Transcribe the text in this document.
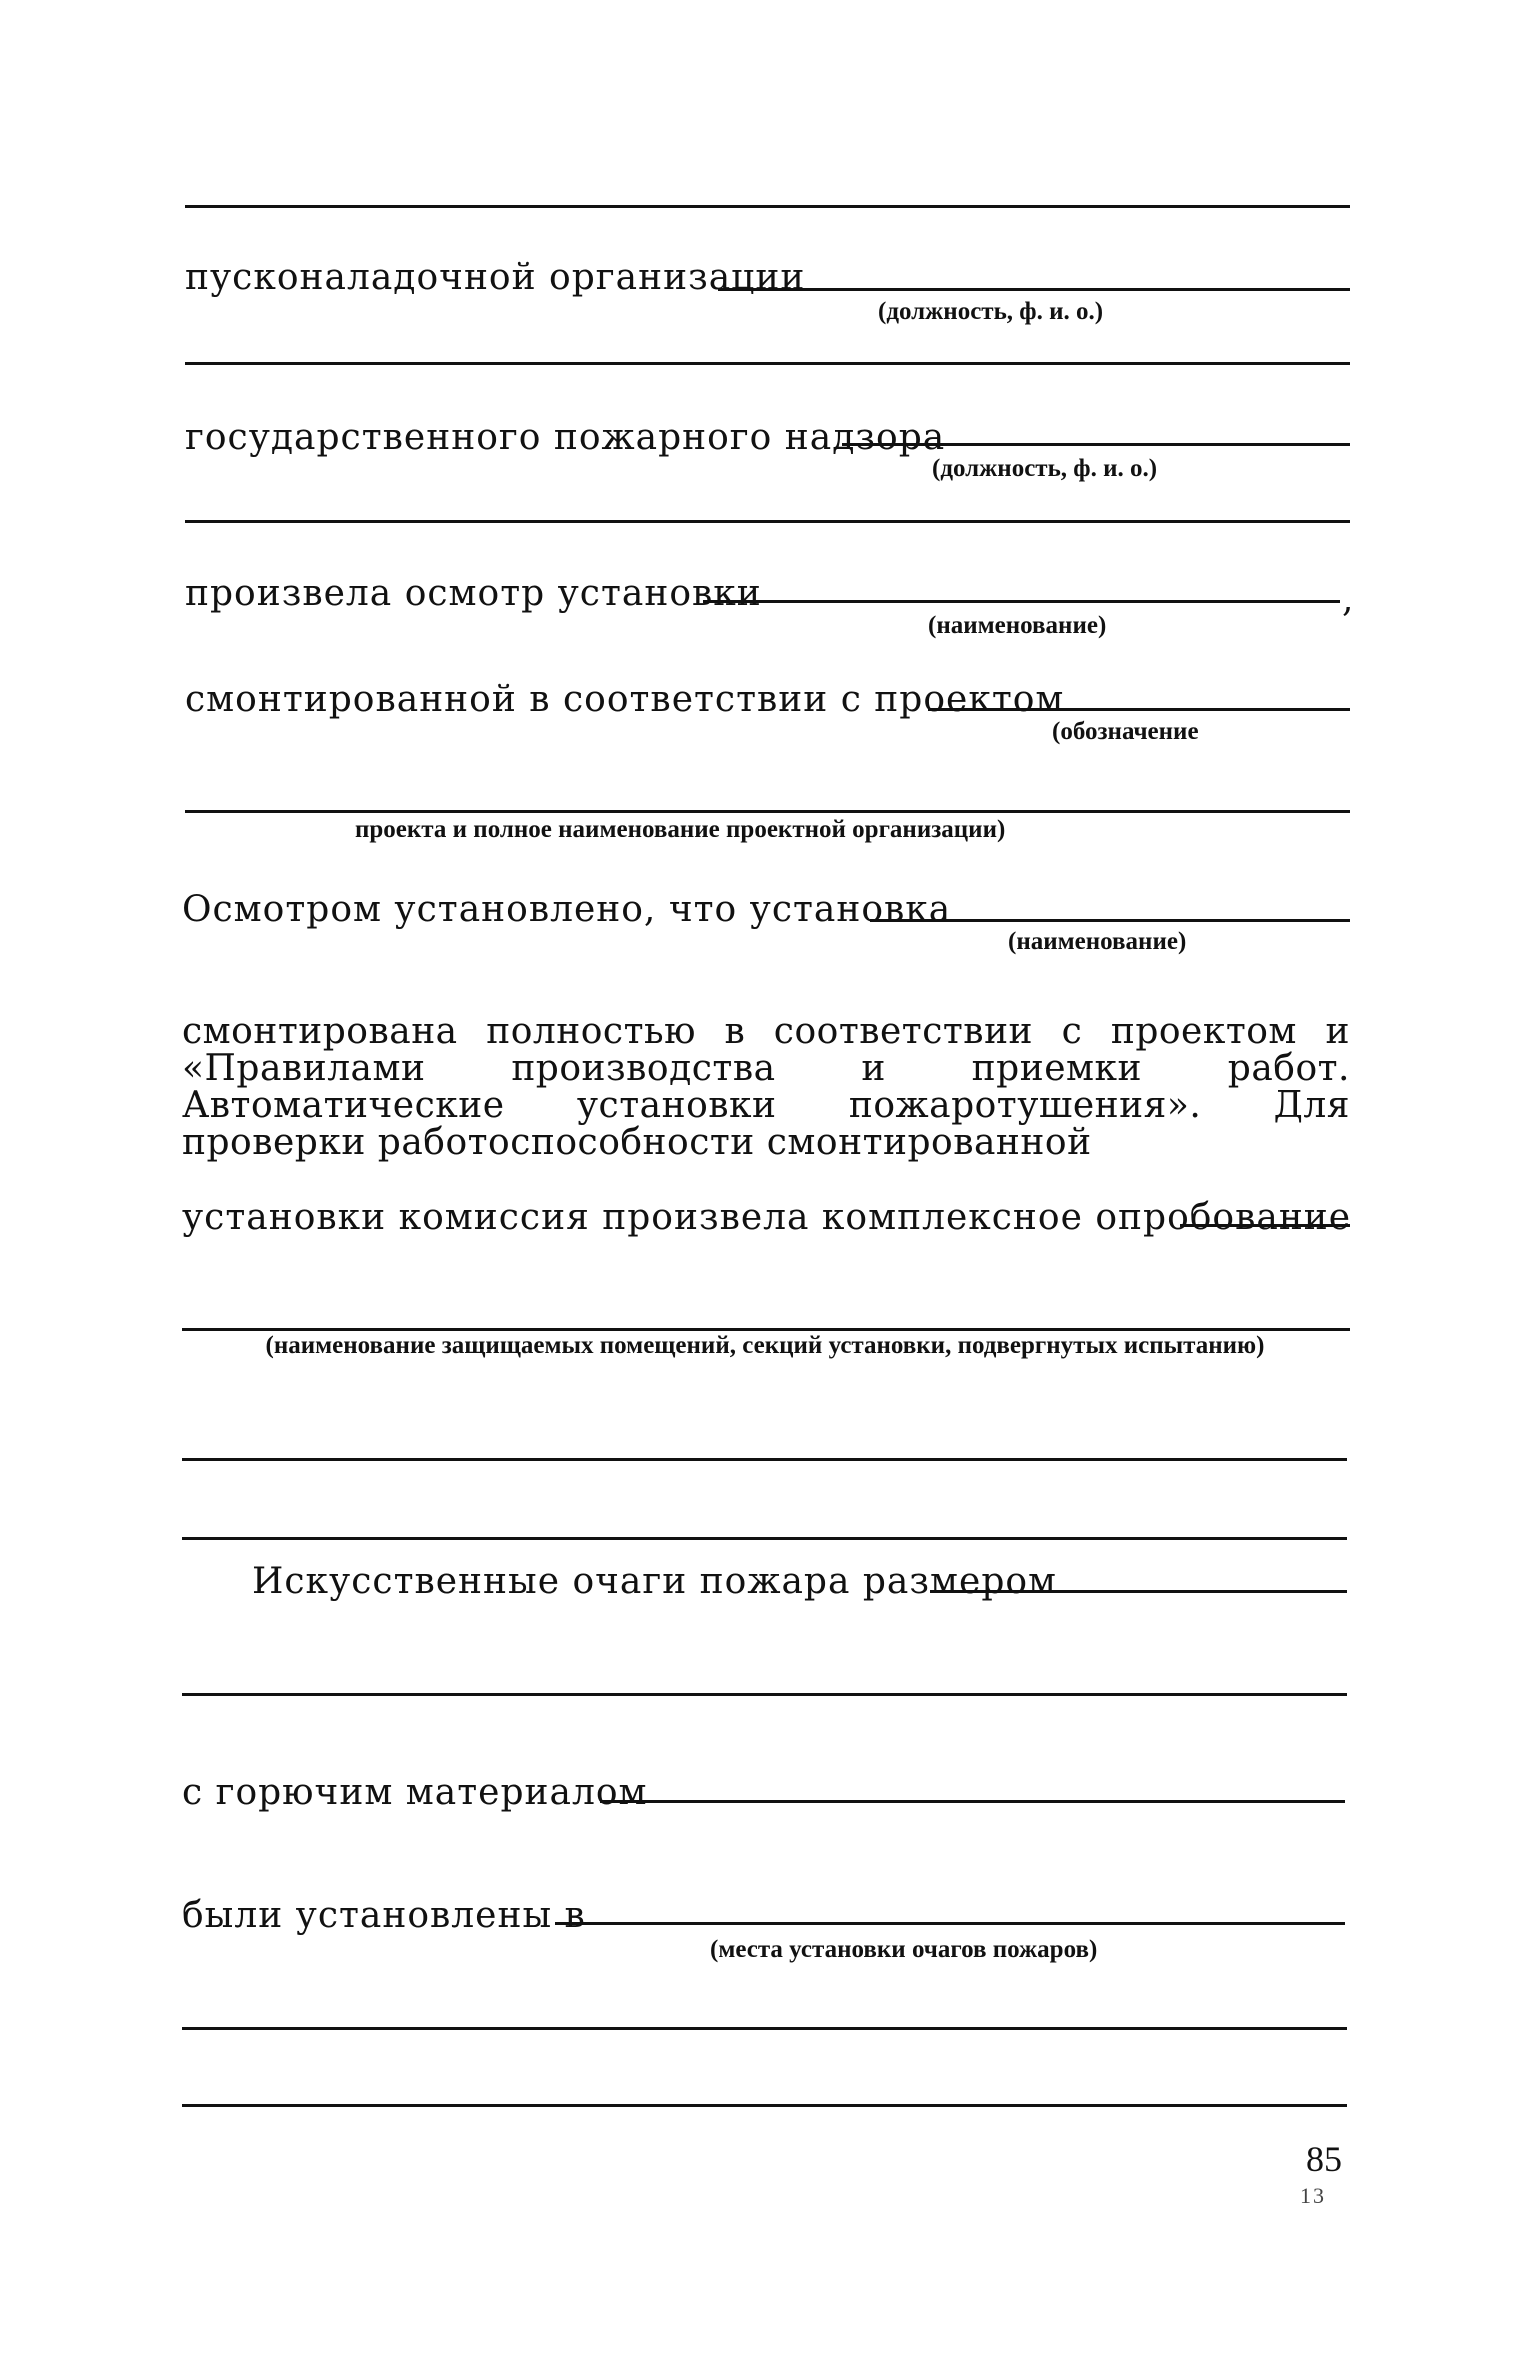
пусконаладочной организации
(должность, ф. и. о.)
государственного пожарного надзора
(должность, ф. и. о.)
произвела осмотр установки	,
(наименование)
смонтированной в соответствии с проектом
(обозначение
проекта и полное наименование проектной организации)
Осмотром установлено, что установка
(наименование)
смонтирована полностью в соответствии с проектом и «Правилами производства и приемки работ. Автоматические установки пожаротушения». Для проверки работоспособности смонтированной
установки комиссия произвела комплексное опробование
(наименование защищаемых помещений, секций установки, подвергнутых испытанию)
Искусственные очаги пожара размером
с горючим материалом
были установлены в
(места установки очагов пожаров)
85
13
